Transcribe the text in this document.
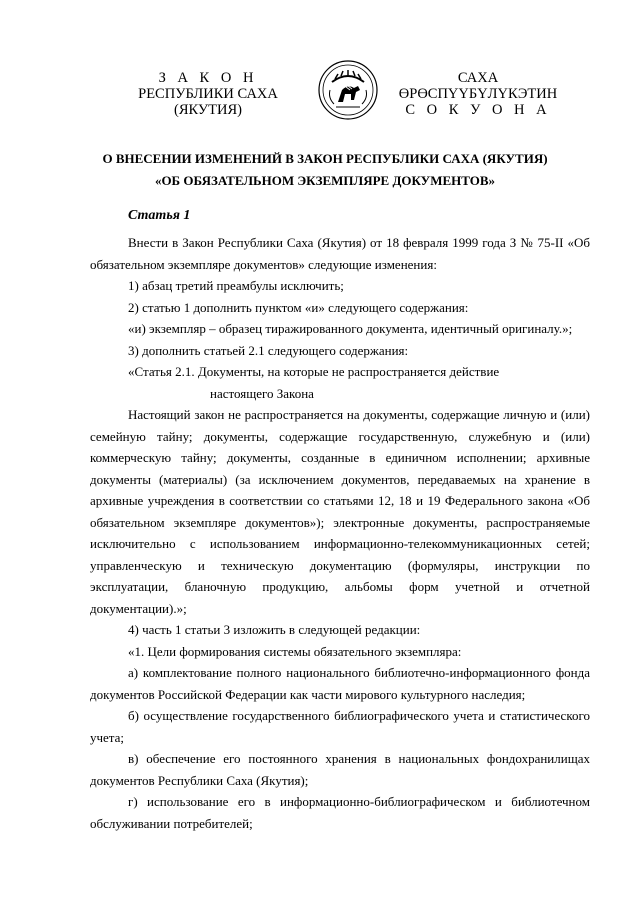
З А К О Н
РЕСПУБЛИКИ САХА (ЯКУТИЯ)
САХА ӨРӨСПҮҮБҮЛҮКЭТИН
С О К У О Н А
О ВНЕСЕНИИ ИЗМЕНЕНИЙ В ЗАКОН РЕСПУБЛИКИ САХА (ЯКУТИЯ)
«ОБ ОБЯЗАТЕЛЬНОМ ЭКЗЕМПЛЯРЕ ДОКУМЕНТОВ»
Статья 1

Внести в Закон Республики Саха (Якутия) от 18 февраля 1999 года З № 75-II «Об обязательном экземпляре документов» следующие изменения:

1) абзац третий преамбулы исключить;

2) статью 1 дополнить пунктом «и» следующего содержания:

«и) экземпляр – образец тиражированного документа, идентичный оригиналу.»;

3) дополнить статьей 2.1 следующего содержания:

«Статья 2.1. Документы, на которые не распространяется действие

настоящего Закона

Настоящий закон не распространяется на документы, содержащие личную и (или) семейную тайну; документы, содержащие государственную, служебную и (или) коммерческую тайну; документы, созданные в единичном исполнении; архивные документы (материалы) (за исключением документов, передаваемых на хранение в архивные учреждения в соответствии со статьями 12, 18 и 19 Федерального закона «Об обязательном экземпляре документов»); электронные документы, распространяемые исключительно с использованием информационно-телекоммуникационных сетей; управленческую и техническую документацию (формуляры, инструкции по эксплуатации, бланочную продукцию, альбомы форм учетной и отчетной документации).»;

4) часть 1 статьи 3 изложить в следующей редакции:

«1. Цели формирования системы обязательного экземпляра:

а) комплектование полного национального библиотечно-информационного фонда документов Российской Федерации как части мирового культурного наследия;

б) осуществление государственного библиографического учета и статистического учета;

в) обеспечение его постоянного хранения в национальных фондохранилищах документов Республики Саха (Якутия);

г) использование его в информационно-библиографическом и библиотечном обслуживании потребителей;
